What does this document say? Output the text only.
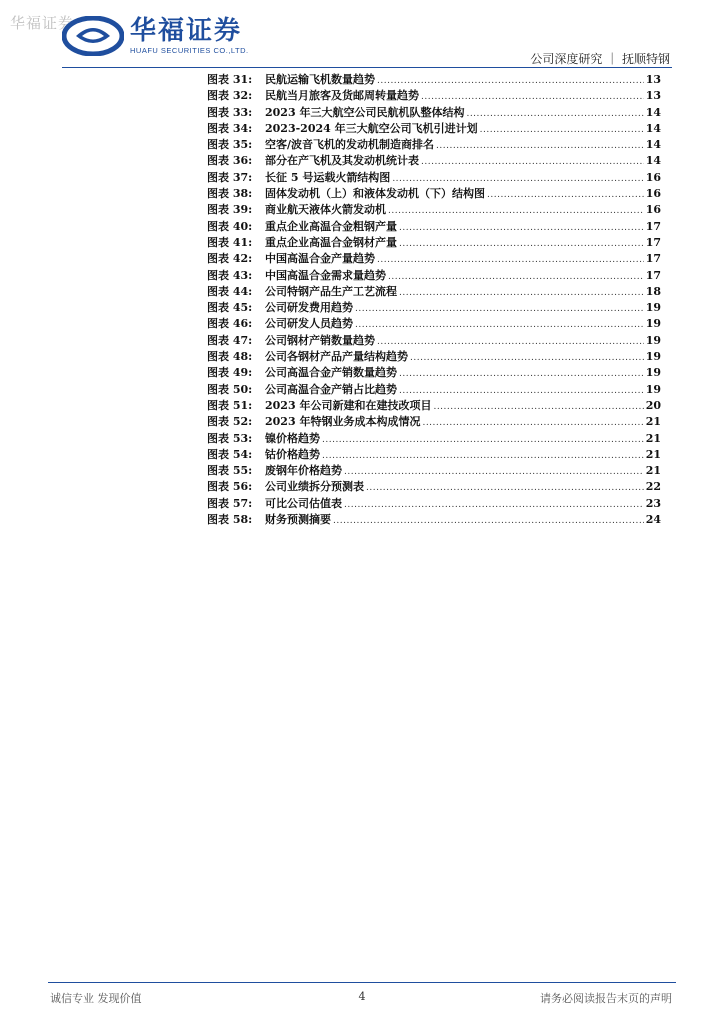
华福证券 华福证券
HUAFU SECURITIES CO.,LTD.
公司深度研究 ｜ 抚顺特钢
图表 31:	民航运输飞机数量趋势 .....	13
图表 32:	民航当月旅客及货邮周转量趋势 .....	13
图表 33:	2023 年三大航空公司民航机队整体结构 .....	14
图表 34:	2023-2024 年三大航空公司飞机引进计划 .....	14
图表 35:	空客/波音飞机的发动机制造商排名 .....	14
图表 36:	部分在产飞机及其发动机统计表 .....	14
图表 37:	长征 5 号运载火箭结构图 .....	16
图表 38:	固体发动机（上）和液体发动机（下）结构图 .....	16
图表 39:	商业航天液体火箭发动机 .....	16
图表 40:	重点企业高温合金粗钢产量 .....	17
图表 41:	重点企业高温合金钢材产量 .....	17
图表 42:	中国高温合金产量趋势 .....	17
图表 43:	中国高温合金需求量趋势 .....	17
图表 44:	公司特钢产品生产工艺流程 .....	18
图表 45:	公司研发费用趋势 .....	19
图表 46:	公司研发人员趋势 .....	19
图表 47:	公司钢材产销数量趋势 .....	19
图表 48:	公司各钢材产品产量结构趋势 .....	19
图表 49:	公司高温合金产销数量趋势 .....	19
图表 50:	公司高温合金产销占比趋势 .....	19
图表 51:	2023 年公司新建和在建技改项目 .....	20
图表 52:	2023 年特钢业务成本构成情况 .....	21
图表 53:	镍价格趋势 .....	21
图表 54:	钴价格趋势 .....	21
图表 55:	废钢年价格趋势 .....	21
图表 56:	公司业绩拆分预测表 .....	22
图表 57:	可比公司估值表 .....	23
图表 58:	财务预测摘要 .....	24
诚信专业 发现价值	4	请务必阅读报告末页的声明
